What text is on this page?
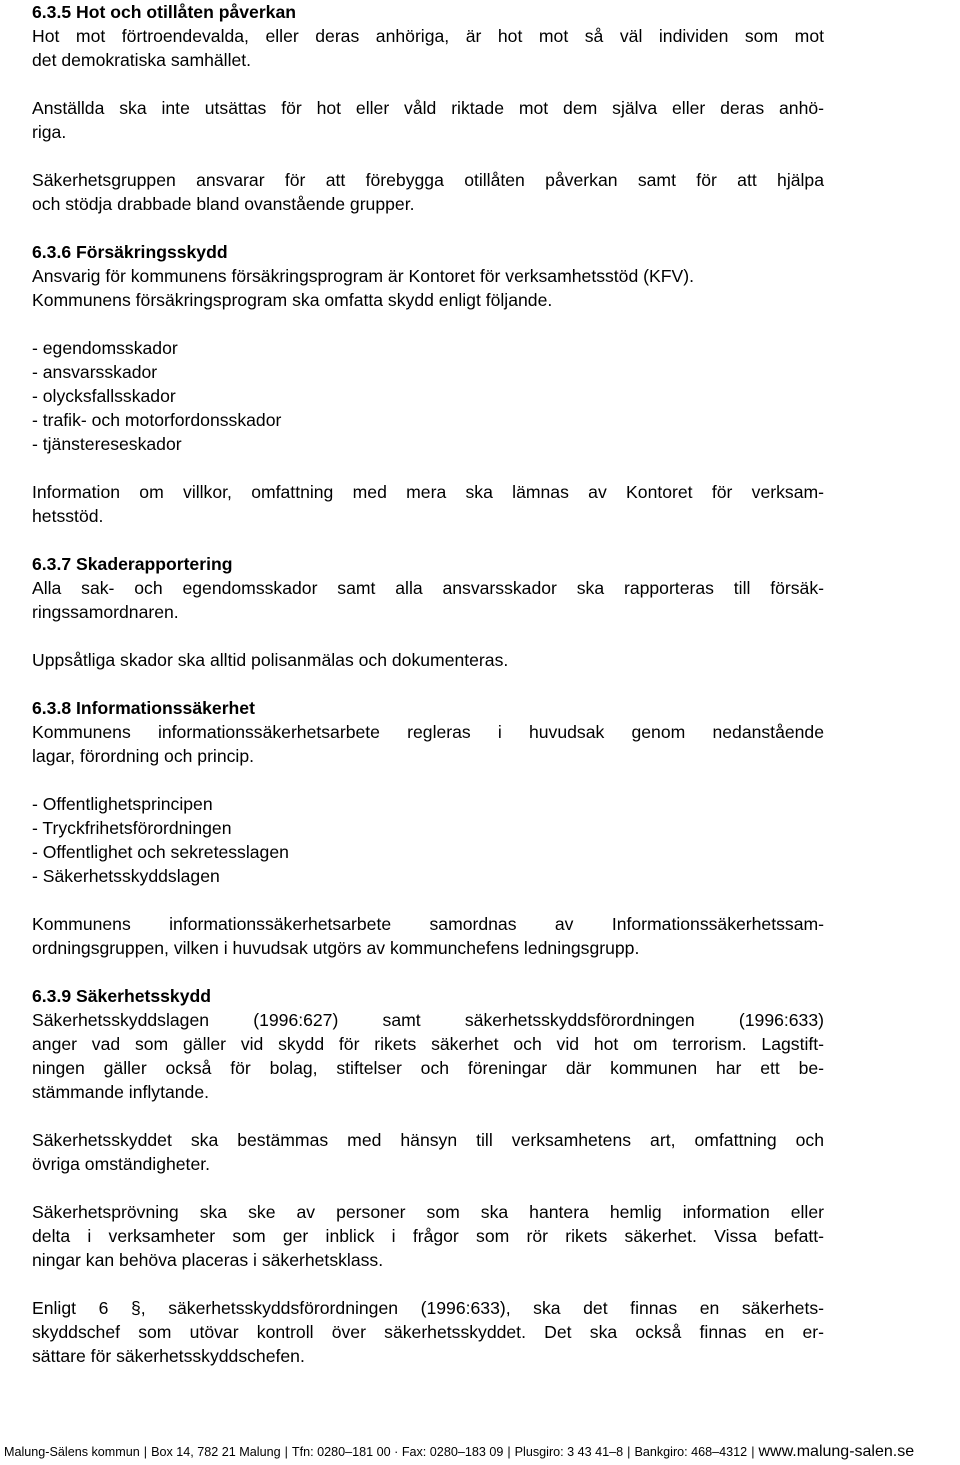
6.3.5 Hot och otillåten påverkan
Hot mot förtroendevalda, eller deras anhöriga, är hot mot så väl individen som mot
det demokratiska samhället.
Anställda ska inte utsättas för hot eller våld riktade mot dem själva eller deras anhö-
riga.
Säkerhetsgruppen ansvarar för att förebygga otillåten påverkan samt för att hjälpa
och stödja drabbade bland ovanstående grupper.
6.3.6 Försäkringsskydd
Ansvarig för kommunens försäkringsprogram är Kontoret för verksamhetsstöd (KFV).
Kommunens försäkringsprogram ska omfatta skydd enligt följande.
- egendomsskador
- ansvarsskador
- olycksfallsskador
- trafik- och motorfordonsskador
- tjänstereseskador
Information om villkor, omfattning med mera ska lämnas av Kontoret för verksam-
hetsstöd.
6.3.7 Skaderapportering
Alla sak- och egendomsskador samt alla ansvarsskador ska rapporteras till försäk-
ringssamordnaren.
Uppsåtliga skador ska alltid polisanmälas och dokumenteras.
6.3.8 Informationssäkerhet
Kommunens informationssäkerhetsarbete regleras i huvudsak genom nedanstående
lagar, förordning och princip.
- Offentlighetsprincipen
- Tryckfrihetsförordningen
- Offentlighet och sekretesslagen
- Säkerhetsskyddslagen
Kommunens informationssäkerhetsarbete samordnas av Informationssäkerhetssam-
ordningsgruppen, vilken i huvudsak utgörs av kommunchefens ledningsgrupp.
6.3.9 Säkerhetsskydd
Säkerhetsskyddslagen (1996:627) samt säkerhetsskyddsförordningen (1996:633)
anger vad som gäller vid skydd för rikets säkerhet och vid hot om terrorism. Lagstift-
ningen gäller också för bolag, stiftelser och föreningar där kommunen har ett be-
stämmande inflytande.
Säkerhetsskyddet ska bestämmas med hänsyn till verksamhetens art, omfattning och
övriga omständigheter.
Säkerhetsprövning ska ske av personer som ska hantera hemlig information eller
delta i verksamheter som ger inblick i frågor som rör rikets säkerhet. Vissa befatt-
ningar kan behöva placeras i säkerhetsklass.
Enligt 6 §, säkerhetsskyddsförordningen (1996:633), ska det finnas en säkerhets-
skyddschef som utövar kontroll över säkerhetsskyddet. Det ska också finnas en er-
sättare för säkerhetsskyddschefen.
Malung-Sälens kommun | Box 14, 782 21 Malung | Tfn: 0280–181 00 · Fax: 0280–183 09 | Plusgiro: 3 43 41–8 | Bankgiro: 468–4312 | www.malung-salen.se
